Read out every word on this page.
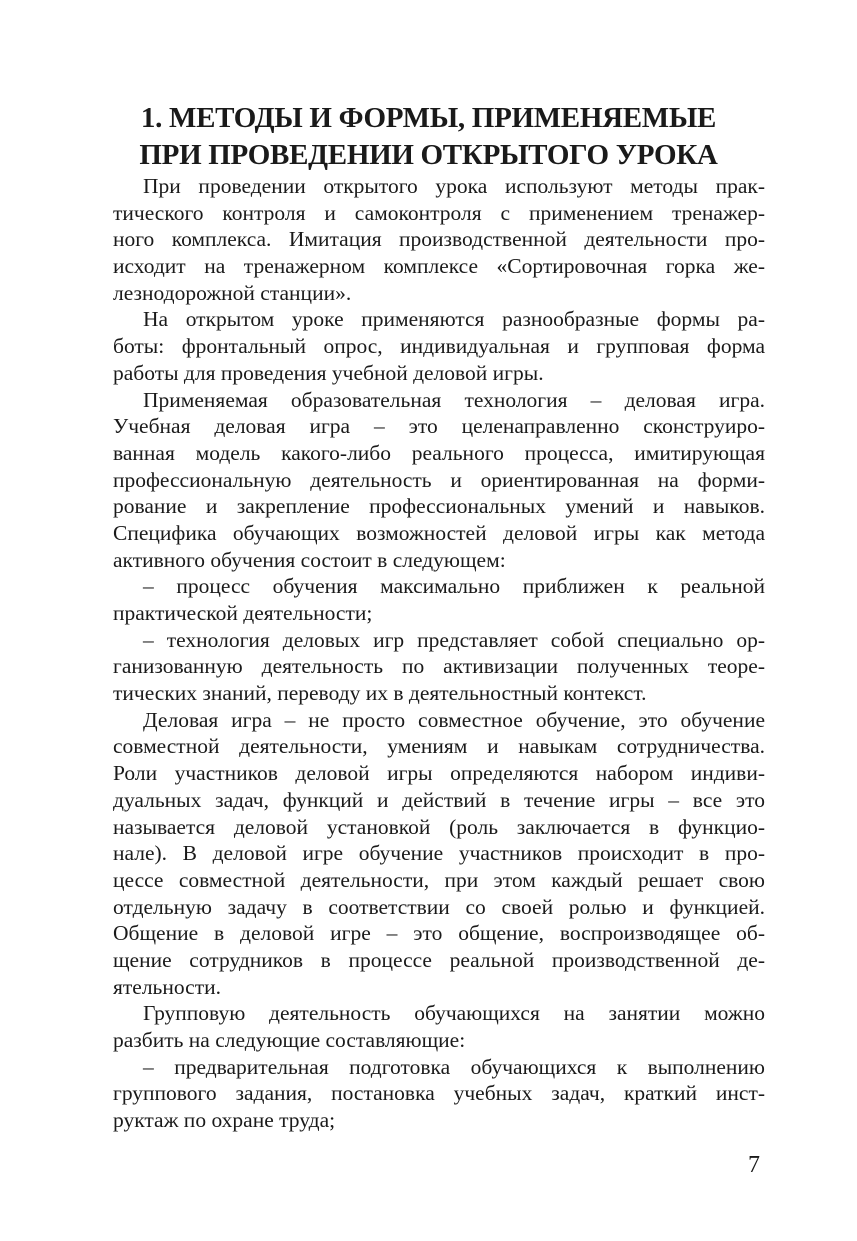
1. МЕТОДЫ И ФОРМЫ, ПРИМЕНЯЕМЫЕ
ПРИ ПРОВЕДЕНИИ ОТКРЫТОГО УРОКА
При проведении открытого урока используют методы прак-
тического контроля и самоконтроля с применением тренажер-
ного комплекса. Имитация производственной деятельности про-
исходит на тренажерном комплексе «Сортировочная горка же-
лезнодорожной станции».
На открытом уроке применяются разнообразные формы ра-
боты: фронтальный опрос, индивидуальная и групповая форма
работы для проведения учебной деловой игры.
Применяемая образовательная технология – деловая игра.
Учебная деловая игра – это целенаправленно сконструиро-
ванная модель какого-либо реального процесса, имитирующая
профессиональную деятельность и ориентированная на форми-
рование и закрепление профессиональных умений и навыков.
Специфика обучающих возможностей деловой игры как метода
активного обучения состоит в следующем:
– процесс обучения максимально приближен к реальной
практической деятельности;
– технология деловых игр представляет собой специально ор-
ганизованную деятельность по активизации полученных теоре-
тических знаний, переводу их в деятельностный контекст.
Деловая игра – не просто совместное обучение, это обучение
совместной деятельности, умениям и навыкам сотрудничества.
Роли участников деловой игры определяются набором индиви-
дуальных задач, функций и действий в течение игры – все это
называется деловой установкой (роль заключается в функцио-
нале). В деловой игре обучение участников происходит в про-
цессе совместной деятельности, при этом каждый решает свою
отдельную задачу в соответствии со своей ролью и функцией.
Общение в деловой игре – это общение, воспроизводящее об-
щение сотрудников в процессе реальной производственной де-
ятельности.
Групповую деятельность обучающихся на занятии можно
разбить на следующие составляющие:
– предварительная подготовка обучающихся к выполнению
группового задания, постановка учебных задач, краткий инст-
руктаж по охране труда;
7
